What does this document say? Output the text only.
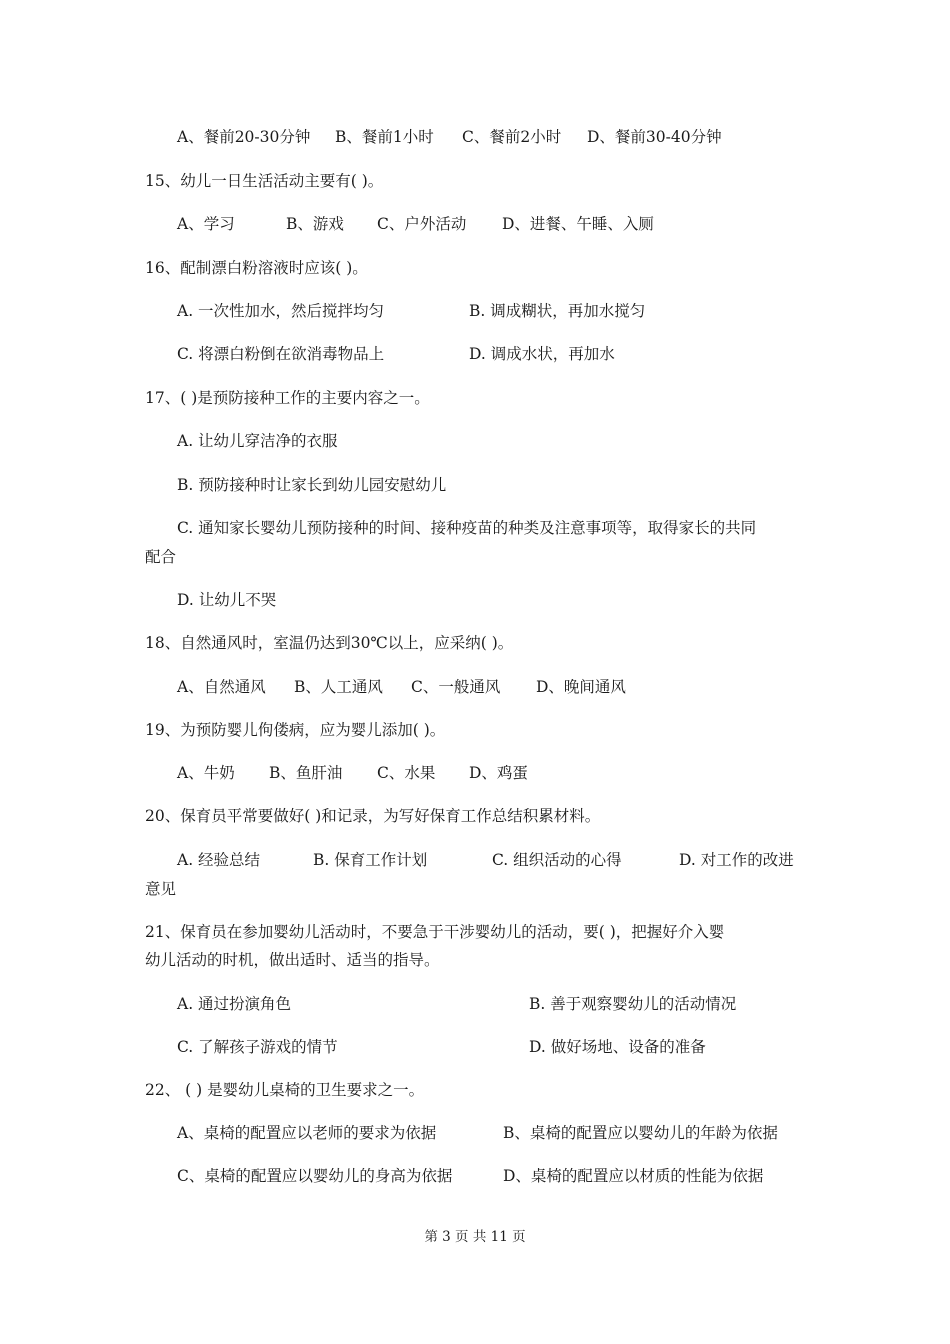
A、餐前20-30分钟 B、餐前1小时 C、餐前2小时 D、餐前30-40分钟
15、幼儿一日生活活动主要有( )。
A、学习	B、游戏 C、户外活动 D、进餐、午睡、入厕
16、配制漂白粉溶液时应该( )。
A. 一次性加水，然后搅拌均匀	B. 调成糊状，再加水搅匀
C. 将漂白粉倒在欲消毒物品上	D. 调成水状，再加水
17、( )是预防接种工作的主要内容之一。
A. 让幼儿穿洁净的衣服
B. 预防接种时让家长到幼儿园安慰幼儿
C. 通知家长婴幼儿预防接种的时间、接种疫苗的种类及注意事项等，取得家长的共同
配合
D. 让幼儿不哭
18、自然通风时，室温仍达到30℃以上，应采纳( )。
A、自然通风 B、人工通风 C、一般通风 D、晚间通风
19、为预防婴儿佝偻病，应为婴儿添加( )。
A、牛奶 B、鱼肝油 C、水果 D、鸡蛋
20、保育员平常要做好( )和记录，为写好保育工作总结积累材料。
A. 经验总结	B. 保育工作计划	C. 组织活动的心得	D. 对工作的改进
意见
21、保育员在参加婴幼儿活动时，不要急于干涉婴幼儿的活动，要( )，把握好介入婴
幼儿活动的时机，做出适时、适当的指导。
A. 通过扮演角色	B. 善于观察婴幼儿的活动情况
C. 了解孩子游戏的情节	D. 做好场地、设备的准备
22、 ( ) 是婴幼儿桌椅的卫生要求之一。
A、桌椅的配置应以老师的要求为依据	B、桌椅的配置应以婴幼儿的年龄为依据
C、桌椅的配置应以婴幼儿的身高为依据	D、桌椅的配置应以材质的性能为依据
第 3 页 共 11 页
